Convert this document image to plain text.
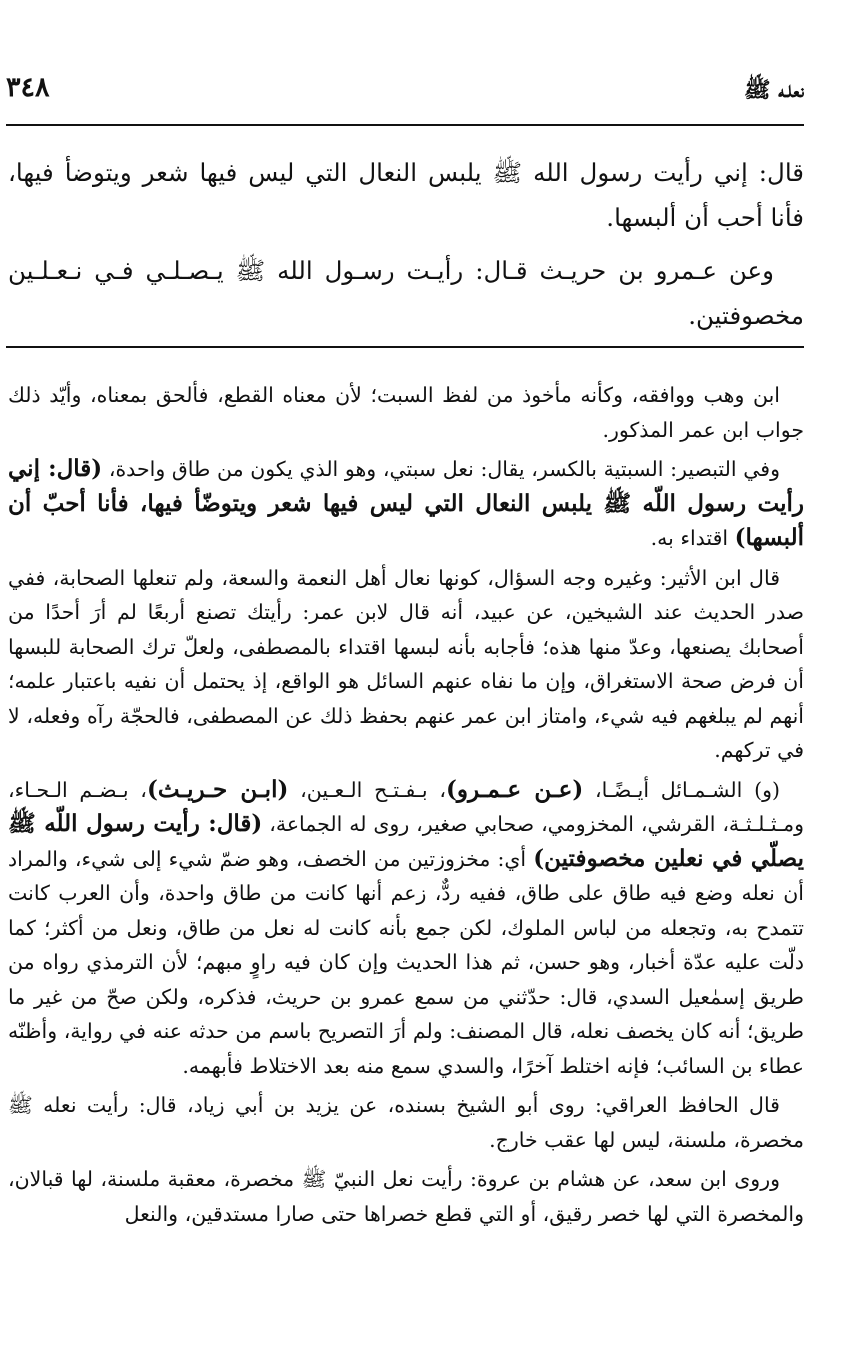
٣٤٨	نعلـه ﷺ

قال: إني رأيت رسول الله ﷺ يلبس النعال التي ليس فيها شعر ويتوضأ فيها، فأنا أحب أن ألبسها.

وعن عـمرو بن حريـث قـال: رأيـت رسـول الله ﷺ يـصـلـي فـي نـعـلـين مخصوفتين.

ابن وهب ووافقه، وكأنه مأخوذ من لفظ السبت؛ لأن معناه القطع، فألحق بمعناه، وأيّد ذلك جواب ابن عمر المذكور.

وفي التبصير: السبتية بالكسر، يقال: نعل سبتي، وهو الذي يكون من طاق واحدة، (قال: إني رأيت رسول اللّه ﷺ يلبس النعال التي ليس فيها شعر ويتوضّأ فيها، فأنا أحبّ أن ألبسها) اقتداء به.

قال ابن الأثير: وغيره وجه السؤال، كونها نعال أهل النعمة والسعة، ولم تنعلها الصحابة، ففي صدر الحديث عند الشيخين، عن عبيد، أنه قال لابن عمر: رأيتك تصنع أربعًا لم أرَ أحدًا من أصحابك يصنعها، وعدّ منها هذه؛ فأجابه بأنه لبسها اقتداء بالمصطفى، ولعلّ ترك الصحابة للبسها أن فرض صحة الاستغراق، وإن ما نفاه عنهم السائل هو الواقع، إذ يحتمل أن نفيه باعتبار علمه؛ أنهم لم يبلغهم فيه شيء، وامتاز ابن عمر عنهم بحفظ ذلك عن المصطفى، فالحجّة رآه وفعله، لا في تركهم.

(و) الشـمـائل أيـضًـا، (عـن عـمـرو)، بـفـتـح الـعـين، (ابـن حـريـث)، بـضـم الـحـاء، ومـثـلـثـة، القرشي، المخزومي، صحابي صغير، روى له الجماعة، (قال: رأيت رسول اللّه ﷺ يصلّي في نعلين مخصوفتين) أي: مخزوزتين من الخصف، وهو ضمّ شيء إلى شيء، والمراد أن نعله وضع فيه طاق على طاق، ففيه ردٌّ، زعم أنها كانت من طاق واحدة، وأن العرب كانت تتمدح به، وتجعله من لباس الملوك، لكن جمع بأنه كانت له نعل من طاق، ونعل من أكثر؛ كما دلّت عليه عدّة أخبار، وهو حسن، ثم هذا الحديث وإن كان فيه راوٍ مبهم؛ لأن الترمذي رواه من طريق إسمٰعيل السدي، قال: حدّثني من سمع عمرو بن حريث، فذكره، ولكن صحّ من غير ما طريق؛ أنه كان يخصف نعله، قال المصنف: ولم أرَ التصريح باسم من حدثه عنه في رواية، وأظنّه عطاء بن السائب؛ فإنه اختلط آخرًا، والسدي سمع منه بعد الاختلاط فأبهمه.

قال الحافظ العراقي: روى أبو الشيخ بسنده، عن يزيد بن أبي زياد، قال: رأيت نعله ﷺ مخصرة، ملسنة، ليس لها عقب خارج.

وروى ابن سعد، عن هشام بن عروة: رأيت نعل النبيّ ﷺ مخصرة، معقبة ملسنة، لها قبالان، والمخصرة التي لها خصر رقيق، أو التي قطع خصراها حتى صارا مستدقين، والنعل
